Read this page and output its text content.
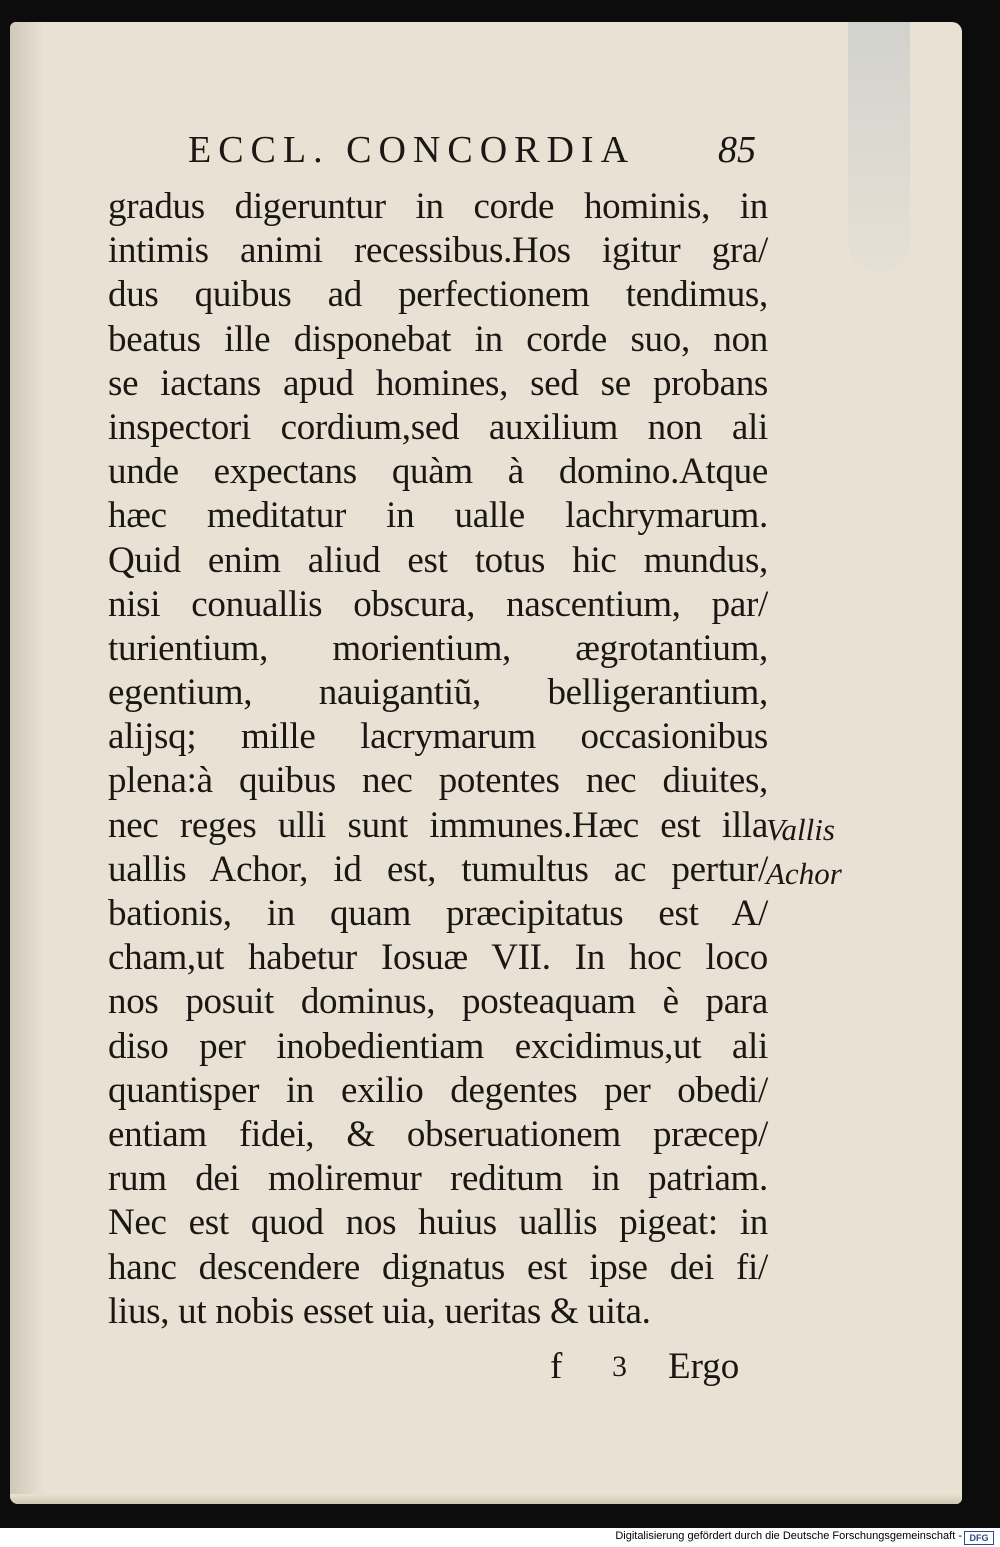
ECCL. CONCORDIA 85
gradus digeruntur in corde hominis, in
intimis animi recessibus.Hos igitur gra/
dus quibus ad perfectionem tendimus,
beatus ille disponebat in corde suo, non
se iactans apud homines, sed se probans
inspectori cordium,sed auxilium non ali
unde expectans quàm à domino.Atque
hæc meditatur in ualle lachrymarum.
Quid enim aliud est totus hic mundus,
nisi conuallis obscura, nascentium, par/
turientium, morientium, ægrotantium,
egentium, nauigantiũ, belligerantium,
alijsq; mille lacrymarum occasionibus
plena:à quibus nec potentes nec diuites,
nec reges ulli sunt immunes.Hæc est illa
uallis Achor, id est, tumultus ac pertur/
bationis, in quam præcipitatus est A/
cham,ut habetur Iosuæ VII. In hoc loco
nos posuit dominus, posteaquam è para
diso per inobedientiam excidimus,ut ali
quantisper in exilio degentes per obedi/
entiam fidei, & obseruationem præcep/
rum dei moliremur reditum in patriam.
Nec est quod nos huius uallis pigeat: in
hanc descendere dignatus est ipse dei fi/
lius, ut nobis esset uia, ueritas & uita.
Vallis
Achor
f 3 Ergo
Digitalisierung gefördert durch die Deutsche Forschungsgemeinschaft - DFG
